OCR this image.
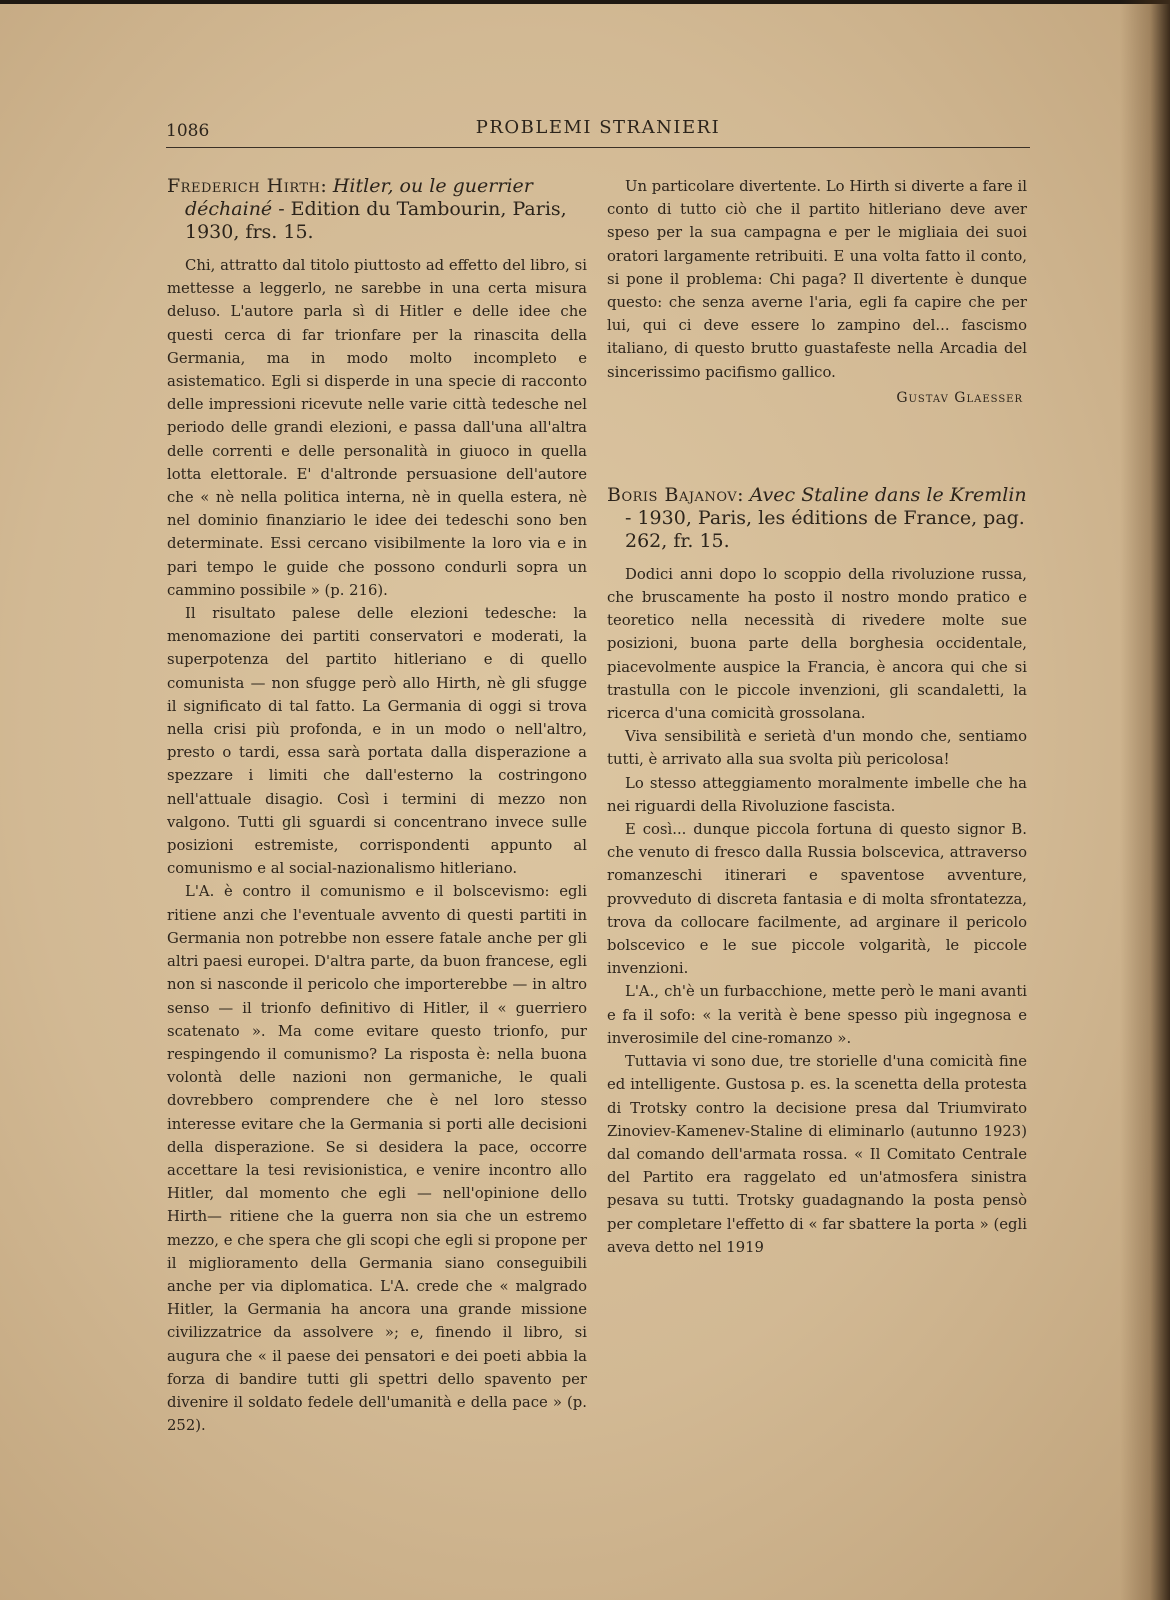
1086	PROBLEMI STRANIERI

Frederich Hirth: Hitler, ou le guerrier déchainé - Edition du Tambourin, Paris, 1930, frs. 15.

Chi, attratto dal titolo piuttosto ad effetto del libro, si mettesse a leggerlo, ne sarebbe in una certa misura deluso. L'autore parla sì di Hitler e delle idee che questi cerca di far trionfare per la rinascita della Germania, ma in modo molto incompleto e asistematico. Egli si disperde in una specie di racconto delle impressioni ricevute nelle varie città tedesche nel periodo delle grandi elezioni, e passa dall'una all'altra delle correnti e delle personalità in giuoco in quella lotta elettorale. E' d'altronde persuasione dell'autore che « nè nella politica interna, nè in quella estera, nè nel dominio finanziario le idee dei tedeschi sono ben determinate. Essi cercano visibilmente la loro via e in pari tempo le guide che possono condurli sopra un cammino possibile » (p. 216).

Il risultato palese delle elezioni tedesche: la menomazione dei partiti conservatori e moderati, la superpotenza del partito hitleriano e di quello comunista — non sfugge però allo Hirth, nè gli sfugge il significato di tal fatto. La Germania di oggi si trova nella crisi più profonda, e in un modo o nell'altro, presto o tardi, essa sarà portata dalla disperazione a spezzare i limiti che dall'esterno la costringono nell'attuale disagio. Così i termini di mezzo non valgono. Tutti gli sguardi si concentrano invece sulle posizioni estremiste, corrispondenti appunto al comunismo e al social-nazionalismo hitleriano.

L'A. è contro il comunismo e il bolscevismo: egli ritiene anzi che l'eventuale avvento di questi partiti in Germania non potrebbe non essere fatale anche per gli altri paesi europei. D'altra parte, da buon francese, egli non si nasconde il pericolo che importerebbe — in altro senso — il trionfo definitivo di Hitler, il « guerriero scatenato ». Ma come evitare questo trionfo, pur respingendo il comunismo? La risposta è: nella buona volontà delle nazioni non germaniche, le quali dovrebbero comprendere che è nel loro stesso interesse evitare che la Germania si porti alle decisioni della disperazione. Se si desidera la pace, occorre accettare la tesi revisionistica, e venire incontro allo Hitler, dal momento che egli — nell'opinione dello Hirth— ritiene che la guerra non sia che un estremo mezzo, e che spera che gli scopi che egli si propone per il miglioramento della Germania siano conseguibili anche per via diplomatica. L'A. crede che « malgrado Hitler, la Germania ha ancora una grande missione civilizzatrice da assolvere »; e, finendo il libro, si augura che « il paese dei pensatori e dei poeti abbia la forza di bandire tutti gli spettri dello spavento per divenire il soldato fedele dell'umanità e della pace » (p. 252).

Un particolare divertente. Lo Hirth si diverte a fare il conto di tutto ciò che il partito hitleriano deve aver speso per la sua campagna e per le migliaia dei suoi oratori largamente retribuiti. E una volta fatto il conto, si pone il problema: Chi paga? Il divertente è dunque questo: che senza averne l'aria, egli fa capire che per lui, qui ci deve essere lo zampino del... fascismo italiano, di questo brutto guastafeste nella Arcadia del sincerissimo pacifismo gallico.

Gustav Glaesser

Boris Bajanov: Avec Staline dans le Kremlin - 1930, Paris, les éditions de France, pag. 262, fr. 15.

Dodici anni dopo lo scoppio della rivoluzione russa, che bruscamente ha posto il nostro mondo pratico e teoretico nella necessità di rivedere molte sue posizioni, buona parte della borghesia occidentale, piacevolmente auspice la Francia, è ancora qui che si trastulla con le piccole invenzioni, gli scandaletti, la ricerca d'una comicità grossolana.

Viva sensibilità e serietà d'un mondo che, sentiamo tutti, è arrivato alla sua svolta più pericolosa!

Lo stesso atteggiamento moralmente imbelle che ha nei riguardi della Rivoluzione fascista.

E così... dunque piccola fortuna di questo signor B. che venuto di fresco dalla Russia bolscevica, attraverso romanzeschi itinerari e spaventose avventure, provveduto di discreta fantasia e di molta sfrontatezza, trova da collocare facilmente, ad arginare il pericolo bolscevico e le sue piccole volgarità, le piccole invenzioni.

L'A., ch'è un furbacchione, mette però le mani avanti e fa il sofo: « la verità è bene spesso più ingegnosa e inverosimile del cine-romanzo ».

Tuttavia vi sono due, tre storielle d'una comicità fine ed intelligente. Gustosa p. es. la scenetta della protesta di Trotsky contro la decisione presa dal Triumvirato Zinoviev-Kamenev-Staline di eliminarlo (autunno 1923) dal comando dell'armata rossa. « Il Comitato Centrale del Partito era raggelato ed un'atmosfera sinistra pesava su tutti. Trotsky guadagnando la posta pensò per completare l'effetto di « far sbattere la porta » (egli aveva detto nel 1919
